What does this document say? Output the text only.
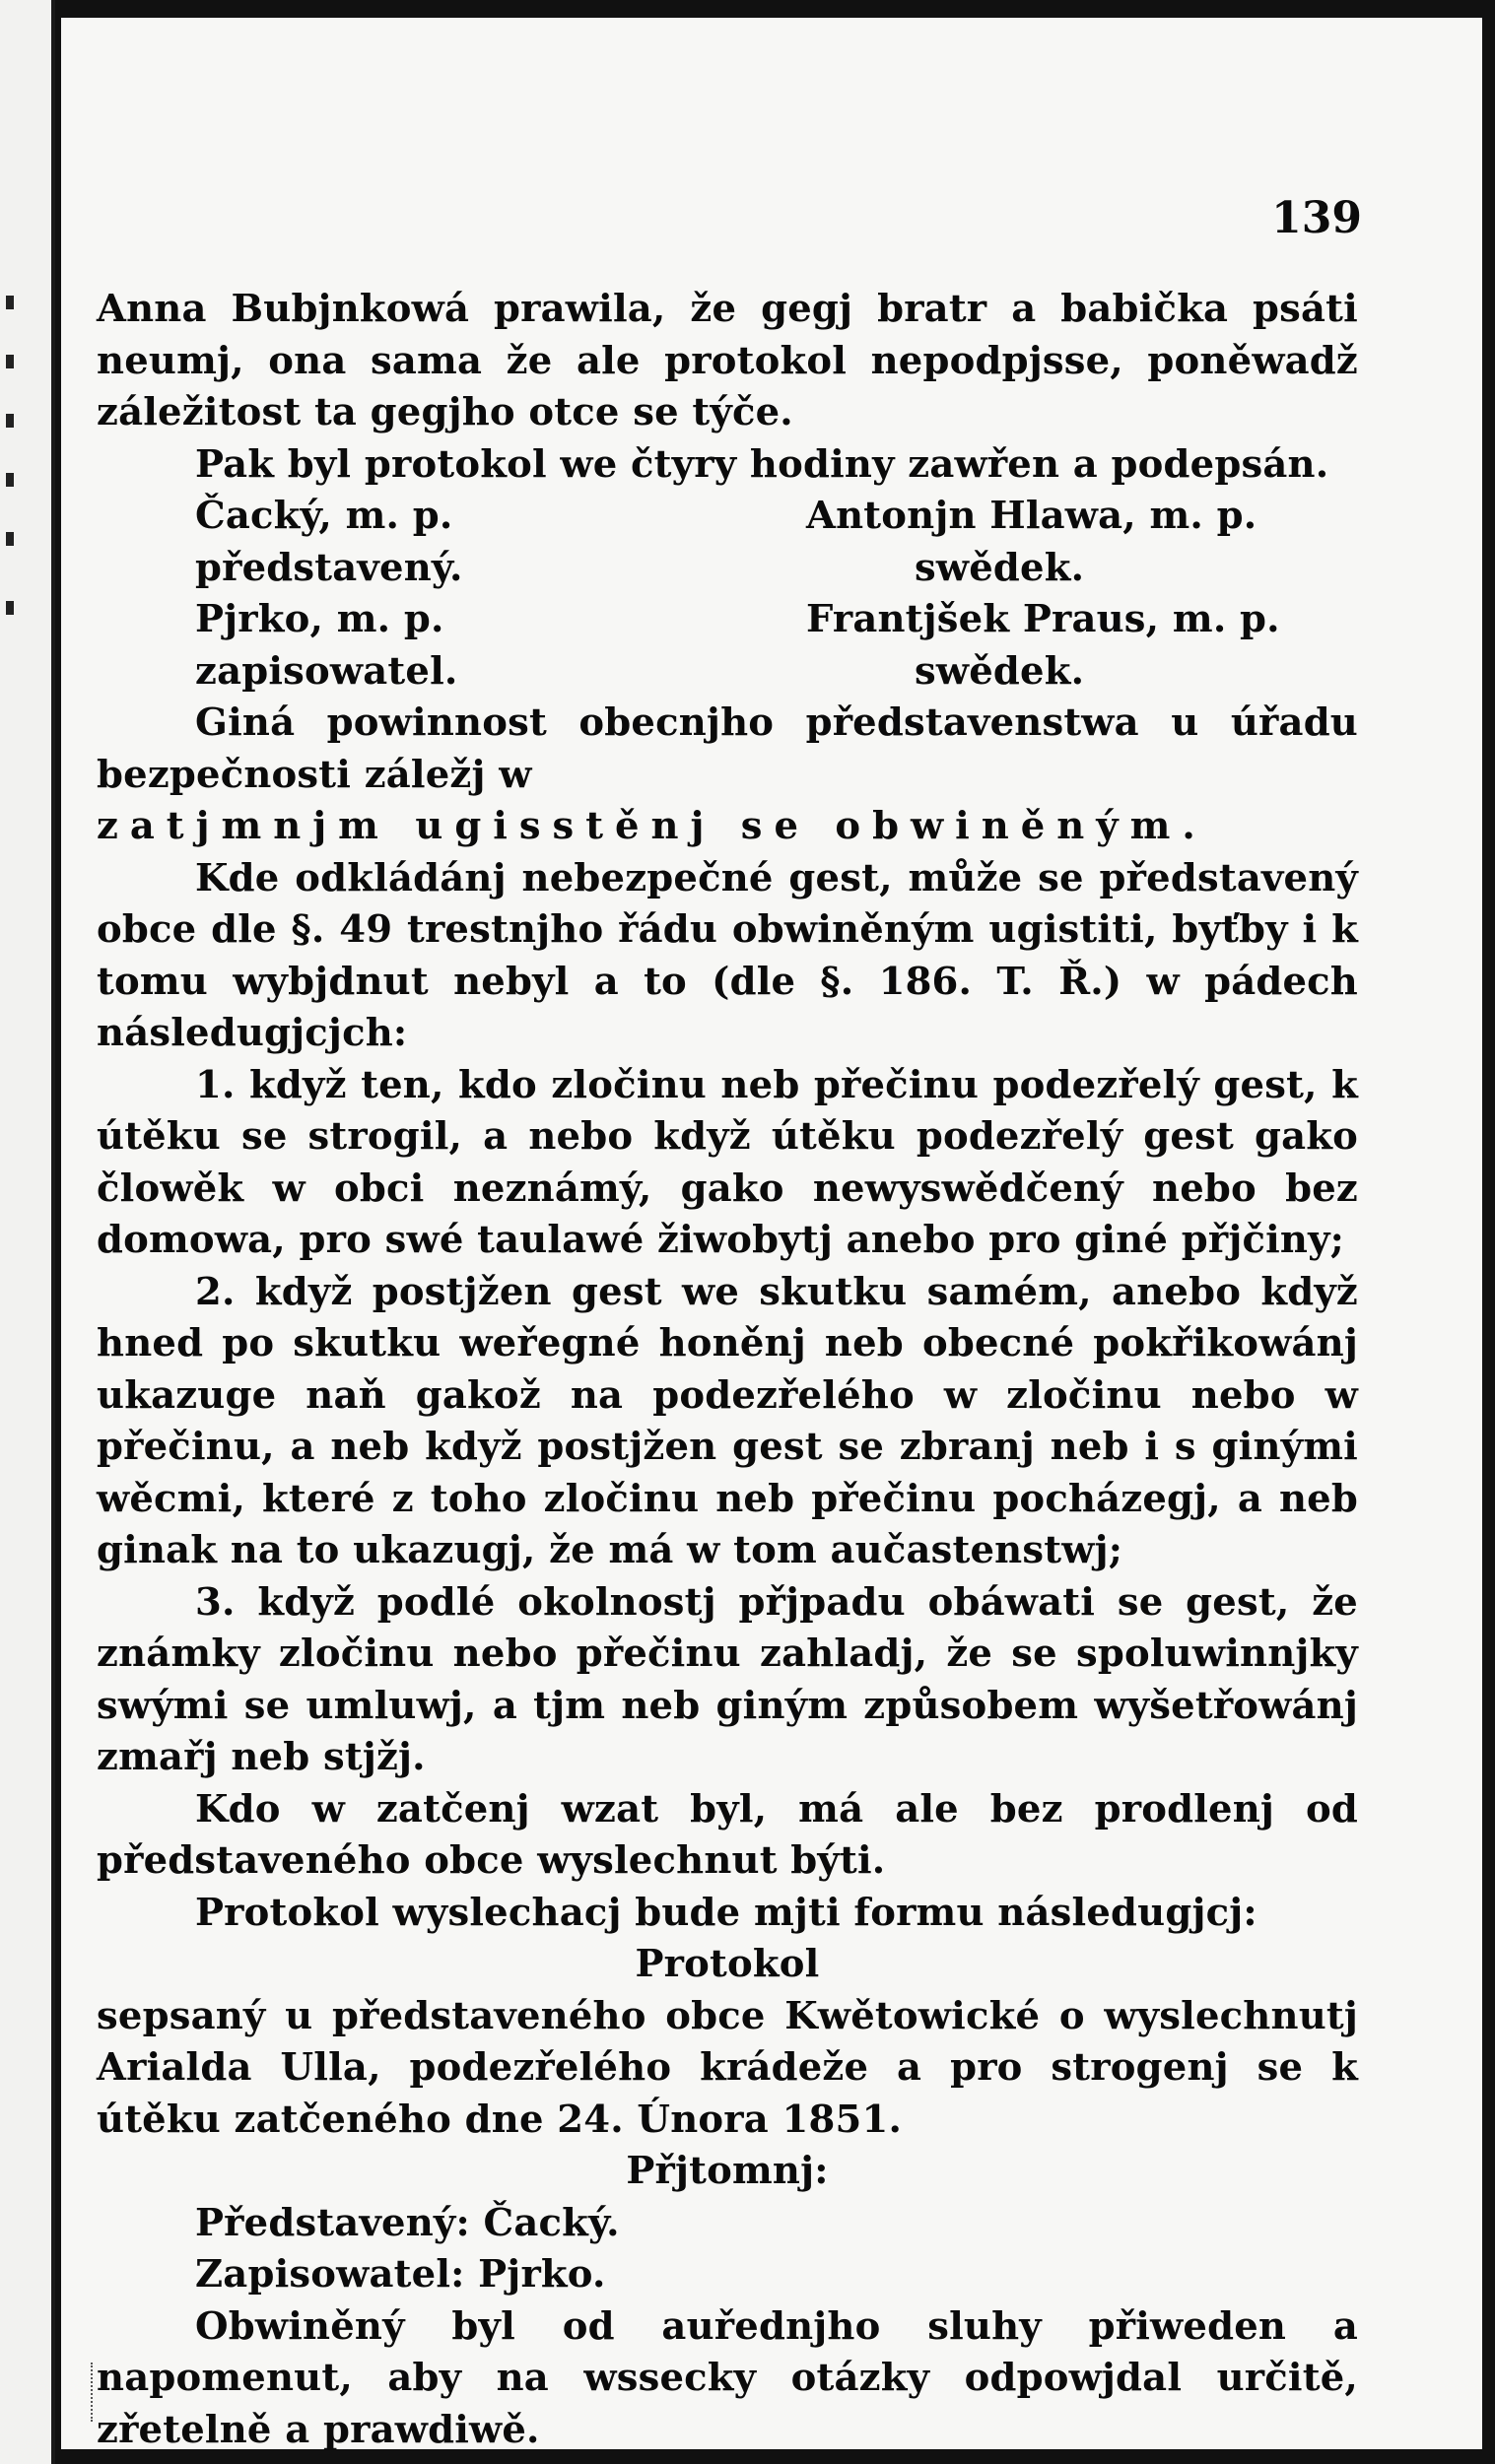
139

Anna Bubjnkowá prawila, že gegj bratr a babička psáti neumj, ona sama že ale protokol nepodpjsse, poněwadž záležitost ta gegjho otce se týče.

Pak byl protokol we čtyry hodiny zawřen a podepsán.

Čacký, m. p.	Antonjn Hlawa, m. p.
představený.	swědek.
Pjrko, m. p.	Frantjšek Praus, m. p.
zapisowatel.	swědek.

Giná powinnost obecnjho představenstwa u úřadu bezpečnosti záležj w

zatjmnjm ugisstěnj se obwiněným.

Kde odkládánj nebezpečné gest, může se představený obce dle §. 49 trestnjho řádu obwiněným ugistiti, byťby i k tomu wybjdnut nebyl a to (dle §. 186. T. Ř.) w pádech následugjcjch:

1. když ten, kdo zločinu neb přečinu podezřelý gest, k útěku se strogil, a nebo když útěku podezřelý gest gako člowěk w obci neznámý, gako newyswědčený nebo bez domowa, pro swé taulawé žiwobytj anebo pro giné přjčiny;

2. když postjžen gest we skutku samém, anebo když hned po skutku weřegné honěnj neb obecné pokřikowánj ukazuge naň gakož na podezřelého w zločinu nebo w přečinu, a neb když postjžen gest se zbranj neb i s ginými wěcmi, které z toho zločinu neb přečinu pocházegj, a neb ginak na to ukazugj, že má w tom aučastenstwj;

3. když podlé okolnostj přjpadu obáwati se gest, že známky zločinu nebo přečinu zahladj, že se spoluwinnjky swými se umluwj, a tjm neb giným způsobem wyšetřowánj zmařj neb stjžj.

Kdo w zatčenj wzat byl, má ale bez prodlenj od představeného obce wyslechnut býti.

Protokol wyslechacj bude mjti formu následugjcj:

Protokol

sepsaný u představeného obce Kwětowické o wyslechnutj Arialda Ulla, podezřelého krádeže a pro strogenj se k útěku zatčeného dne 24. Února 1851.

Přjtomnj:

Představený: Čacký.

Zapisowatel: Pjrko.

Obwiněný byl od auřednjho sluhy přiweden a napomenut, aby na wssecky otázky odpowjdal určitě, zřetelně a prawdiwě.
